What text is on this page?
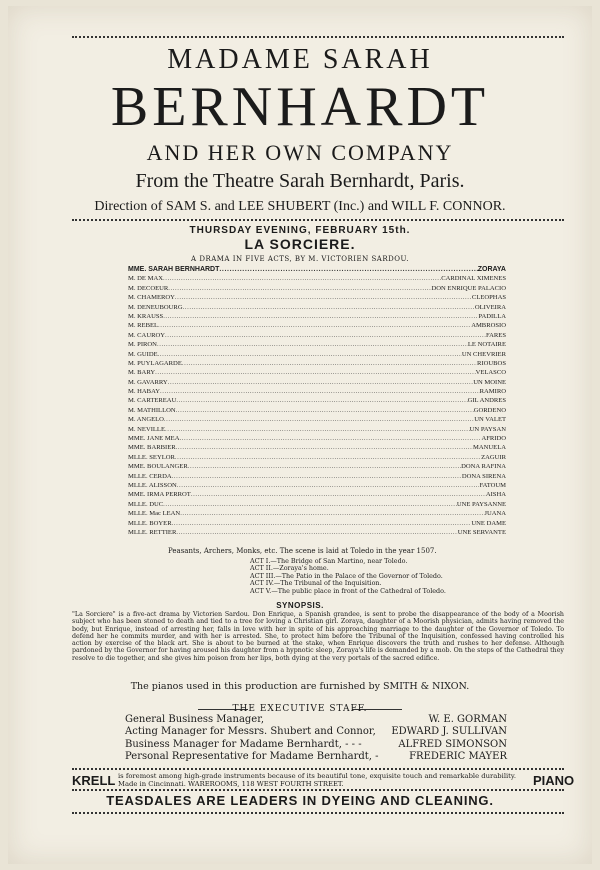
MADAME SARAH
BERNHARDT
AND HER OWN COMPANY
From the Theatre Sarah Bernhardt, Paris.
Direction of SAM S. and LEE SHUBERT (Inc.) and WILL F. CONNOR.
THURSDAY EVENING, FEBRUARY 15th.
LA SORCIERE.
A DRAMA IN FIVE ACTS, BY M. VICTORIEN SARDOU.
MME. SARAH BERNHARDT .....	ZORAYA
M. DE MAX .....	CARDINAL XIMENES
M. DECOEUR .....	DON ENRIQUE PALACIO
M. CHAMEROY .....	CLEOPHAS
M. DENEUBOURG .....	OLIVEIRA
M. KRAUSS .....	PADILLA
M. REBEL .....	AMBROSIO
M. CAUROY .....	FARES
M. PIRON .....	LE NOTAIRE
M. GUIDE .....	UN CHEVRIER
M. PUYLAGARDE .....	RIOUBOS
M. BARY .....	VELASCO
M. GAVARRY .....	UN MOINE
M. HABAY .....	RAMIRO
M. CARTEREAU .....	GIL ANDRES
M. MATHILLON .....	GORDENO
M. ANGELO .....	UN VALET
M. NEVILLE .....	UN PAYSAN
MME. JANE MEA .....	AFRIDO
MME. BARBIER .....	MANUELA
MLLE. SEYLOR .....	ZAGUIR
MME. BOULANGER .....	DONA RAFINA
MLLE. CERDA .....	DONA SIRENA
MLLE. ALISSON .....	FATOUM
MME. IRMA PERROT .....	AISHA
MLLE. DUC .....	UNE PAYSANNE
MLLE. Mac LEAN .....	JUANA
MLLE. BOYER .....	UNE DAME
MLLE. RETTIER .....	UNE SERVANTE
Peasants, Archers, Monks, etc. The scene is laid at Toledo in the year 1507.
ACT I.—The Bridge of San Martino, near Toledo.
ACT II.—Zoraya's home.
ACT III.—The Patio in the Palace of the Governor of Toledo.
ACT IV.—The Tribunal of the Inquisition.
ACT V.—The public place in front of the Cathedral of Toledo.
SYNOPSIS.
"La Sorciere" is a five-act drama by Victorien Sardou. Don Enrique, a Spanish grandee, is sent to probe the disappearance of the body of a Moorish subject who has been stoned to death and tied to a tree for loving a Christian girl. Zoraya, daughter of a Moorish physician, admits having removed the body, but Enrique, instead of arresting her, falls in love with her in spite of his approaching marriage to the daughter of the Governor of Toledo. To defend her he commits murder, and with her is arrested. She, to protect him before the Tribunal of the Inquisition, confessed having controlled his action by exercise of the black art. She is about to be burned at the stake, when Enrique discovers the truth and rushes to her defense. Although pardoned by the Governor for having aroused his daughter from a hypnotic sleep, Zoraya's life is demanded by a mob. On the steps of the Cathedral they resolve to die together, and she gives him poison from her lips, both dying at the very portals of the sacred edifice.
The pianos used in this production are furnished by SMITH & NIXON.
THE EXECUTIVE STAFF.
General Business Manager,	W. E. GORMAN
Acting Manager for Messrs. Shubert and Connor,	EDWARD J. SULLIVAN
Business Manager for Madame Bernhardt, - - -	ALFRED SIMONSON
Personal Representative for Madame Bernhardt, -	FREDERIC MAYER
KRELL is foremost among high-grade instruments because of its beautiful tone, exquisite touch and remarkable durability. Made in Cincinnati. WAREROOMS, 118 WEST FOURTH STREET.	PIANO
TEASDALES ARE LEADERS IN DYEING AND CLEANING.
